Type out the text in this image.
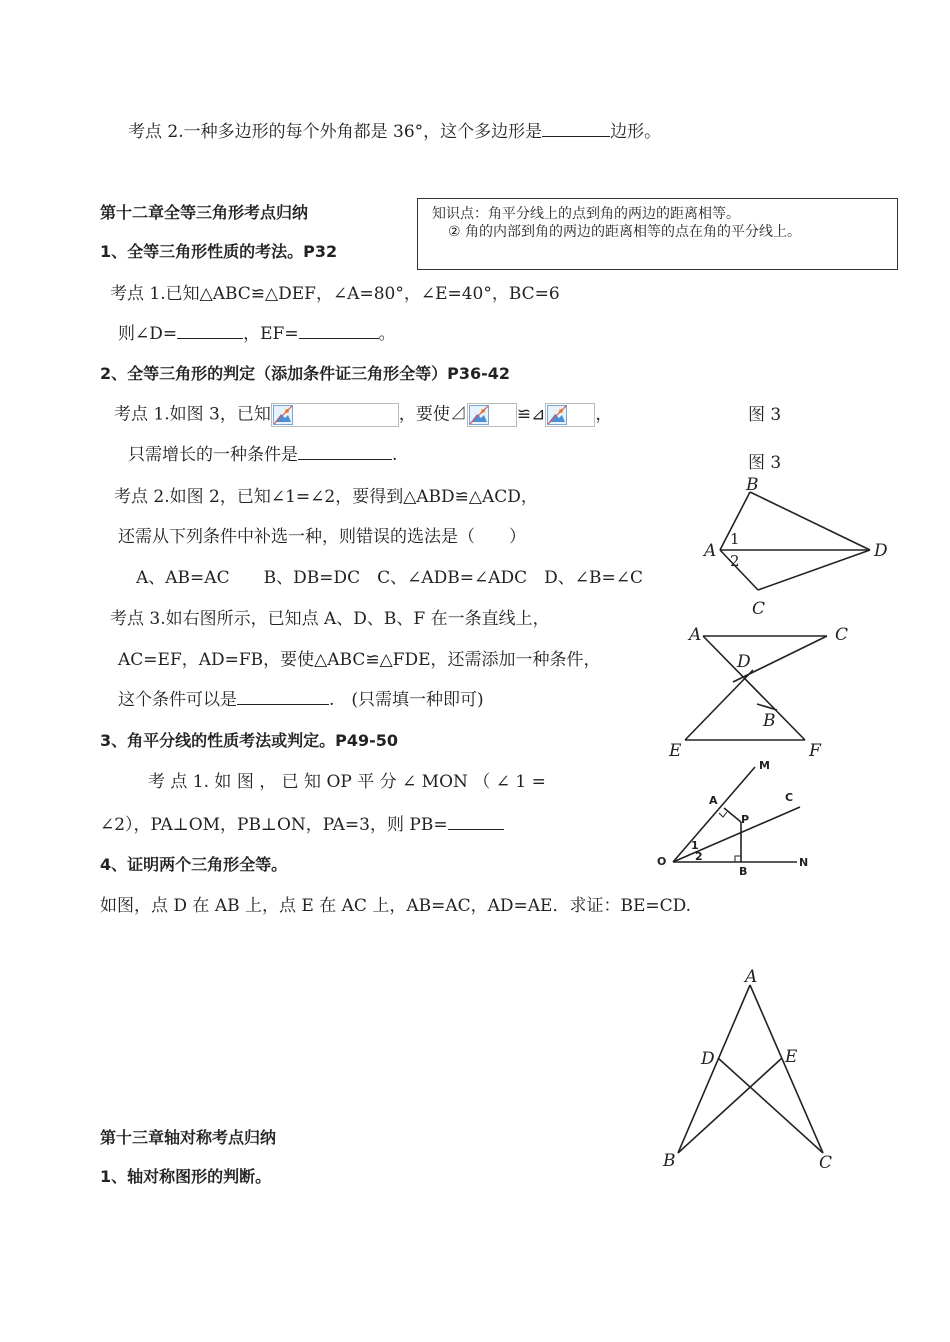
考点 2.一种多边形的每个外角都是 36°，这个多边形是	边形。
第十二章全等三角形考点归纳	知识点：角平分线上的点到角的两边的距离相等。
② 角的内部到角的两边的距离相等的点在角的平分线上。
1、全等三角形性质的考法。P32
考点 1.已知△ABC≌△DEF，∠A=80°，∠E=40°，BC=6
则∠D=	，EF=	。
2、全等三角形的判定（添加条件证三角形全等）P36-42
考点 1.如图 3，已知	，要使⊿	≌⊿	，	图 3
图 3
只需增长的一种条件是	.
考点 2.如图 2，已知∠1=∠2，要得到△ABD≌△ACD，
还需从下列条件中补选一种，则错误的选法是（　　）
A、AB=AC　　B、DB=DC　C、∠ADB=∠ADC　D、∠B=∠C
考点 3.如右图所示，已知点 A、D、B、F 在一条直线上，
AC=EF，AD=FB，要使△ABC≌△FDE，还需添加一种条件，
这个条件可以是	.　(只需填一种即可)
3、角平分线的性质考法或判定。P49-50
考 点 1. 如 图 ， 已 知 OP 平 分 ∠ MON （ ∠ 1 =
∠2），PA⊥OM，PB⊥ON，PA=3，则 PB=
4、证明两个三角形全等。
如图，点 D 在 AB 上，点 E 在 AC 上，AB=AC，AD=AE．求证：BE=CD.
第十三章轴对称考点归纳
1、轴对称图形的判断。
B
A
C
D
1
2
A	C
D
B
E	F
M
A	C
P
O
1
2
B
N
A
D	E
B	C
